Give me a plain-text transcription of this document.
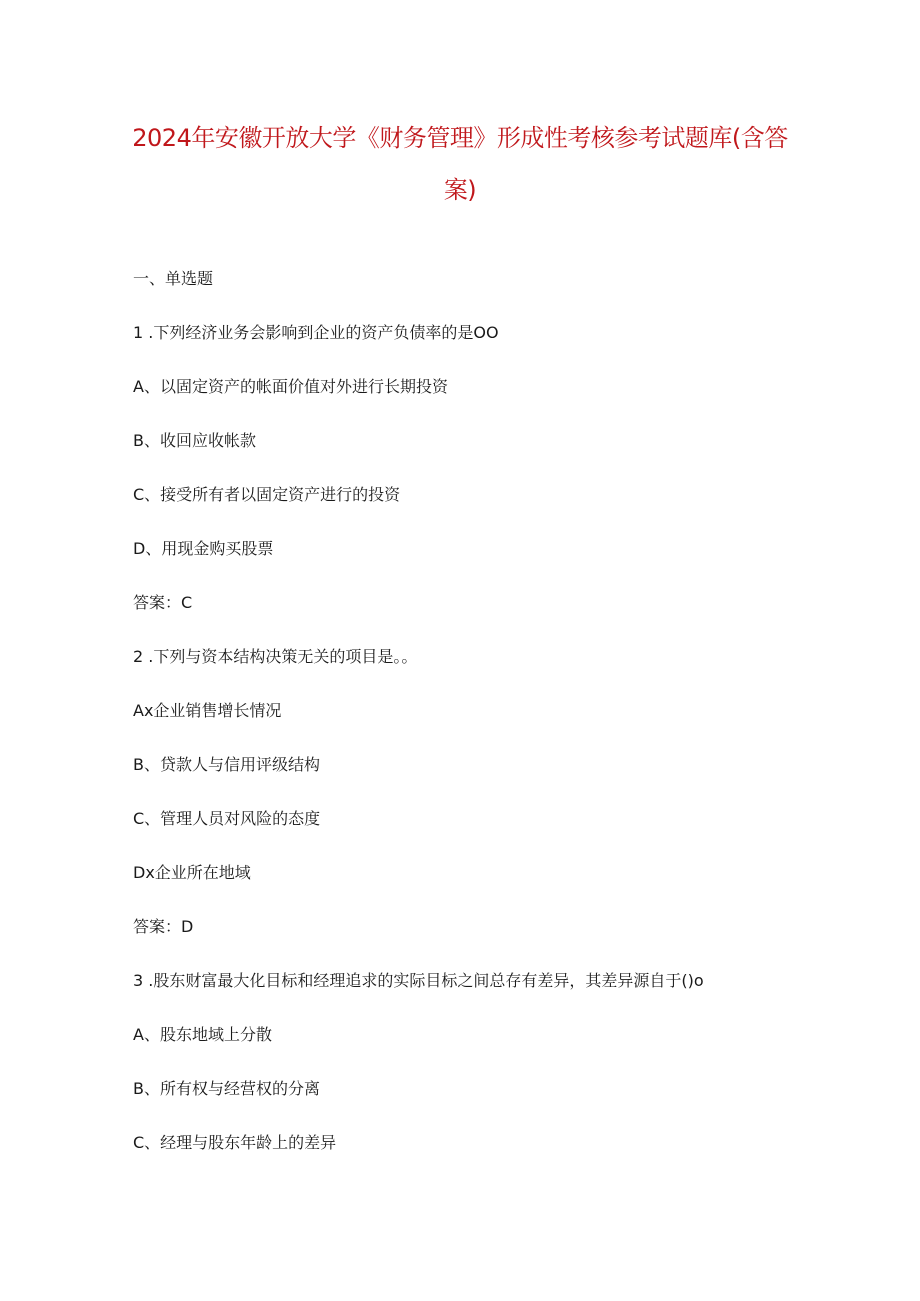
2024年安徽开放大学《财务管理》形成性考核参考试题库(含答
案)
一、单选题
1 .下列经济业务会影响到企业的资产负债率的是OO
A、以固定资产的帐面价值对外进行长期投资
B、收回应收帐款
C、接受所有者以固定资产进行的投资
D、用现金购买股票
答案：C
2 .下列与资本结构决策无关的项目是。。
Ax企业销售增长情况
B、贷款人与信用评级结构
C、管理人员对风险的态度
Dx企业所在地域
答案：D
3 .股东财富最大化目标和经理追求的实际目标之间总存有差异，其差异源自于()o
A、股东地域上分散
B、所有权与经营权的分离
C、经理与股东年龄上的差异
